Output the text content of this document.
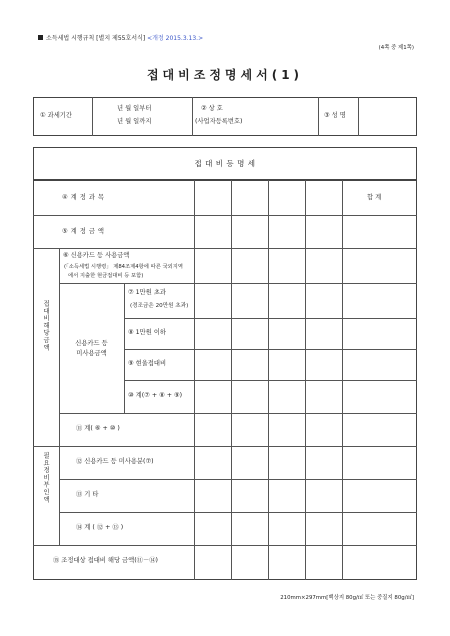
소득세법 시행규칙 [별지 제55호서식] <개정 2015.3.13.>
(4쪽 중 제1쪽)
접대비조정명세서(1)
① 과세기간
년 월 일부터
년 월 일까지
② 상 호
(사업자등록번호)
③ 성 명
접 대 비 등 명 세
④ 계 정 과 목	합 계
⑤ 계 정 금 액
⑥ 신용카드 등 사용금액
(「소득세법 시행령」 제84조제4항에 따른 국외지역
에서 지출한 현금접대비 등 포함)
신용카드 등
미사용금액
⑦ 1만원 초과
(경조금은 20만원 초과)
⑧ 1만원 이하
⑨ 현울접대비
⑩ 계(⑦ + ⑧ + ⑨)
⑪ 계( ⑥ + ⑩ )
⑫ 신용카드 등 미사용분(⑦)
⑬ 기 타
⑭ 계 ( ⑫ + ⑬ )
⑮ 조정대상 접대비 해당 금액(⑪－⑭)
접대비해당금액
필요경비부인액
210mm×297mm[백상지 80g/㎡ 또는 중질지 80g/㎡]
